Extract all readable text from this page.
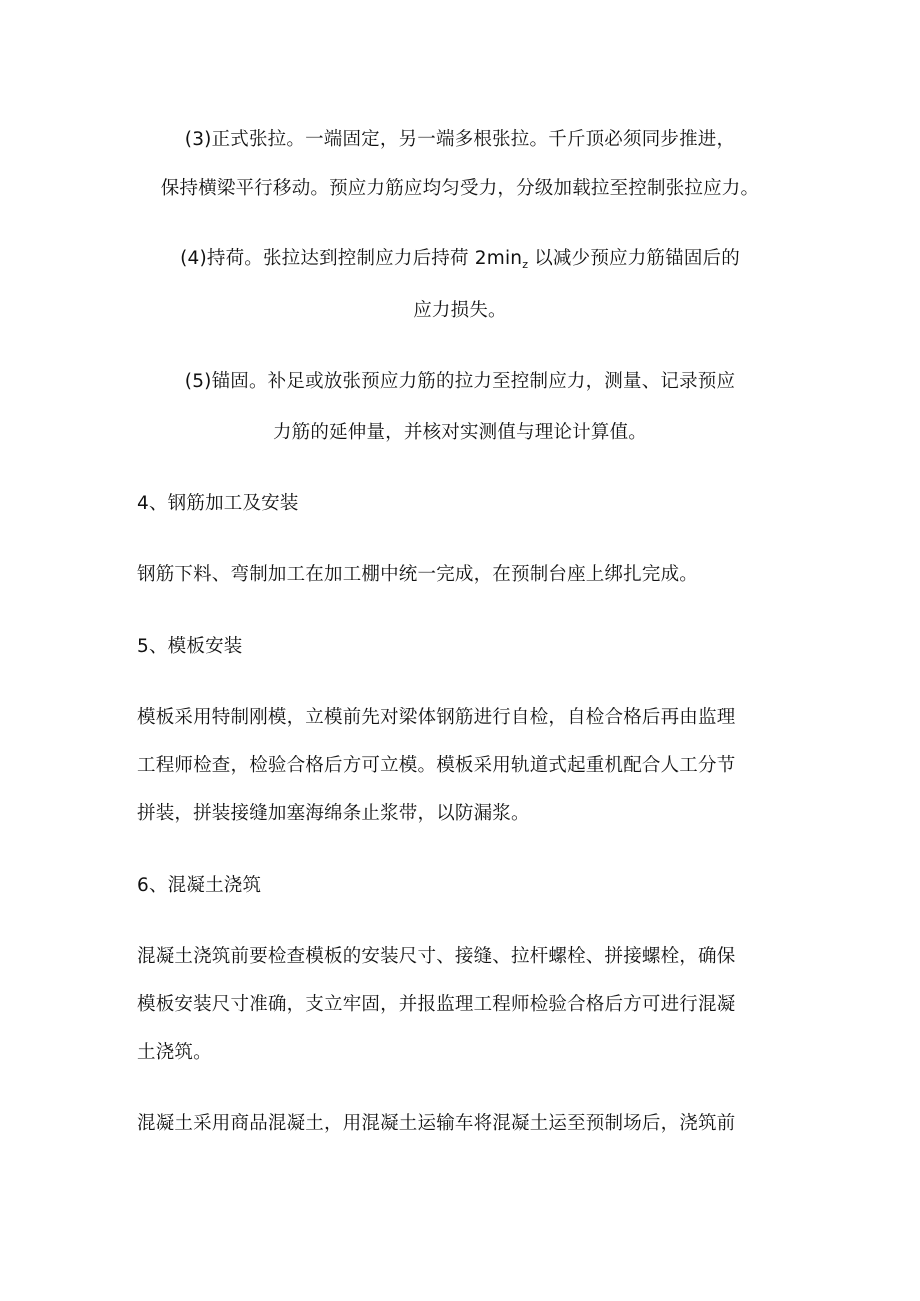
(3)正式张拉。一端固定，另一端多根张拉。千斤顶必须同步推进，
保持横梁平行移动。预应力筋应均匀受力，分级加载拉至控制张拉应力。
(4)持荷。张拉达到控制应力后持荷 $2\min_z$ 以减少预应力筋锚固后的
应力损失。
(5)锚固。补足或放张预应力筋的拉力至控制应力，测量、记录预应
力筋的延伸量，并核对实测值与理论计算值。
4、钢筋加工及安装
钢筋下料、弯制加工在加工棚中统一完成，在预制台座上绑扎完成。
5、模板安装
模板采用特制刚模，立模前先对梁体钢筋进行自检，自检合格后再由监理
工程师检查，检验合格后方可立模。模板采用轨道式起重机配合人工分节
拼装，拼装接缝加塞海绵条止浆带，以防漏浆。
6、混凝土浇筑
混凝土浇筑前要检查模板的安装尺寸、接缝、拉杆螺栓、拼接螺栓，确保
模板安装尺寸准确，支立牢固，并报监理工程师检验合格后方可进行混凝
土浇筑。
混凝土采用商品混凝土，用混凝土运输车将混凝土运至预制场后，浇筑前
